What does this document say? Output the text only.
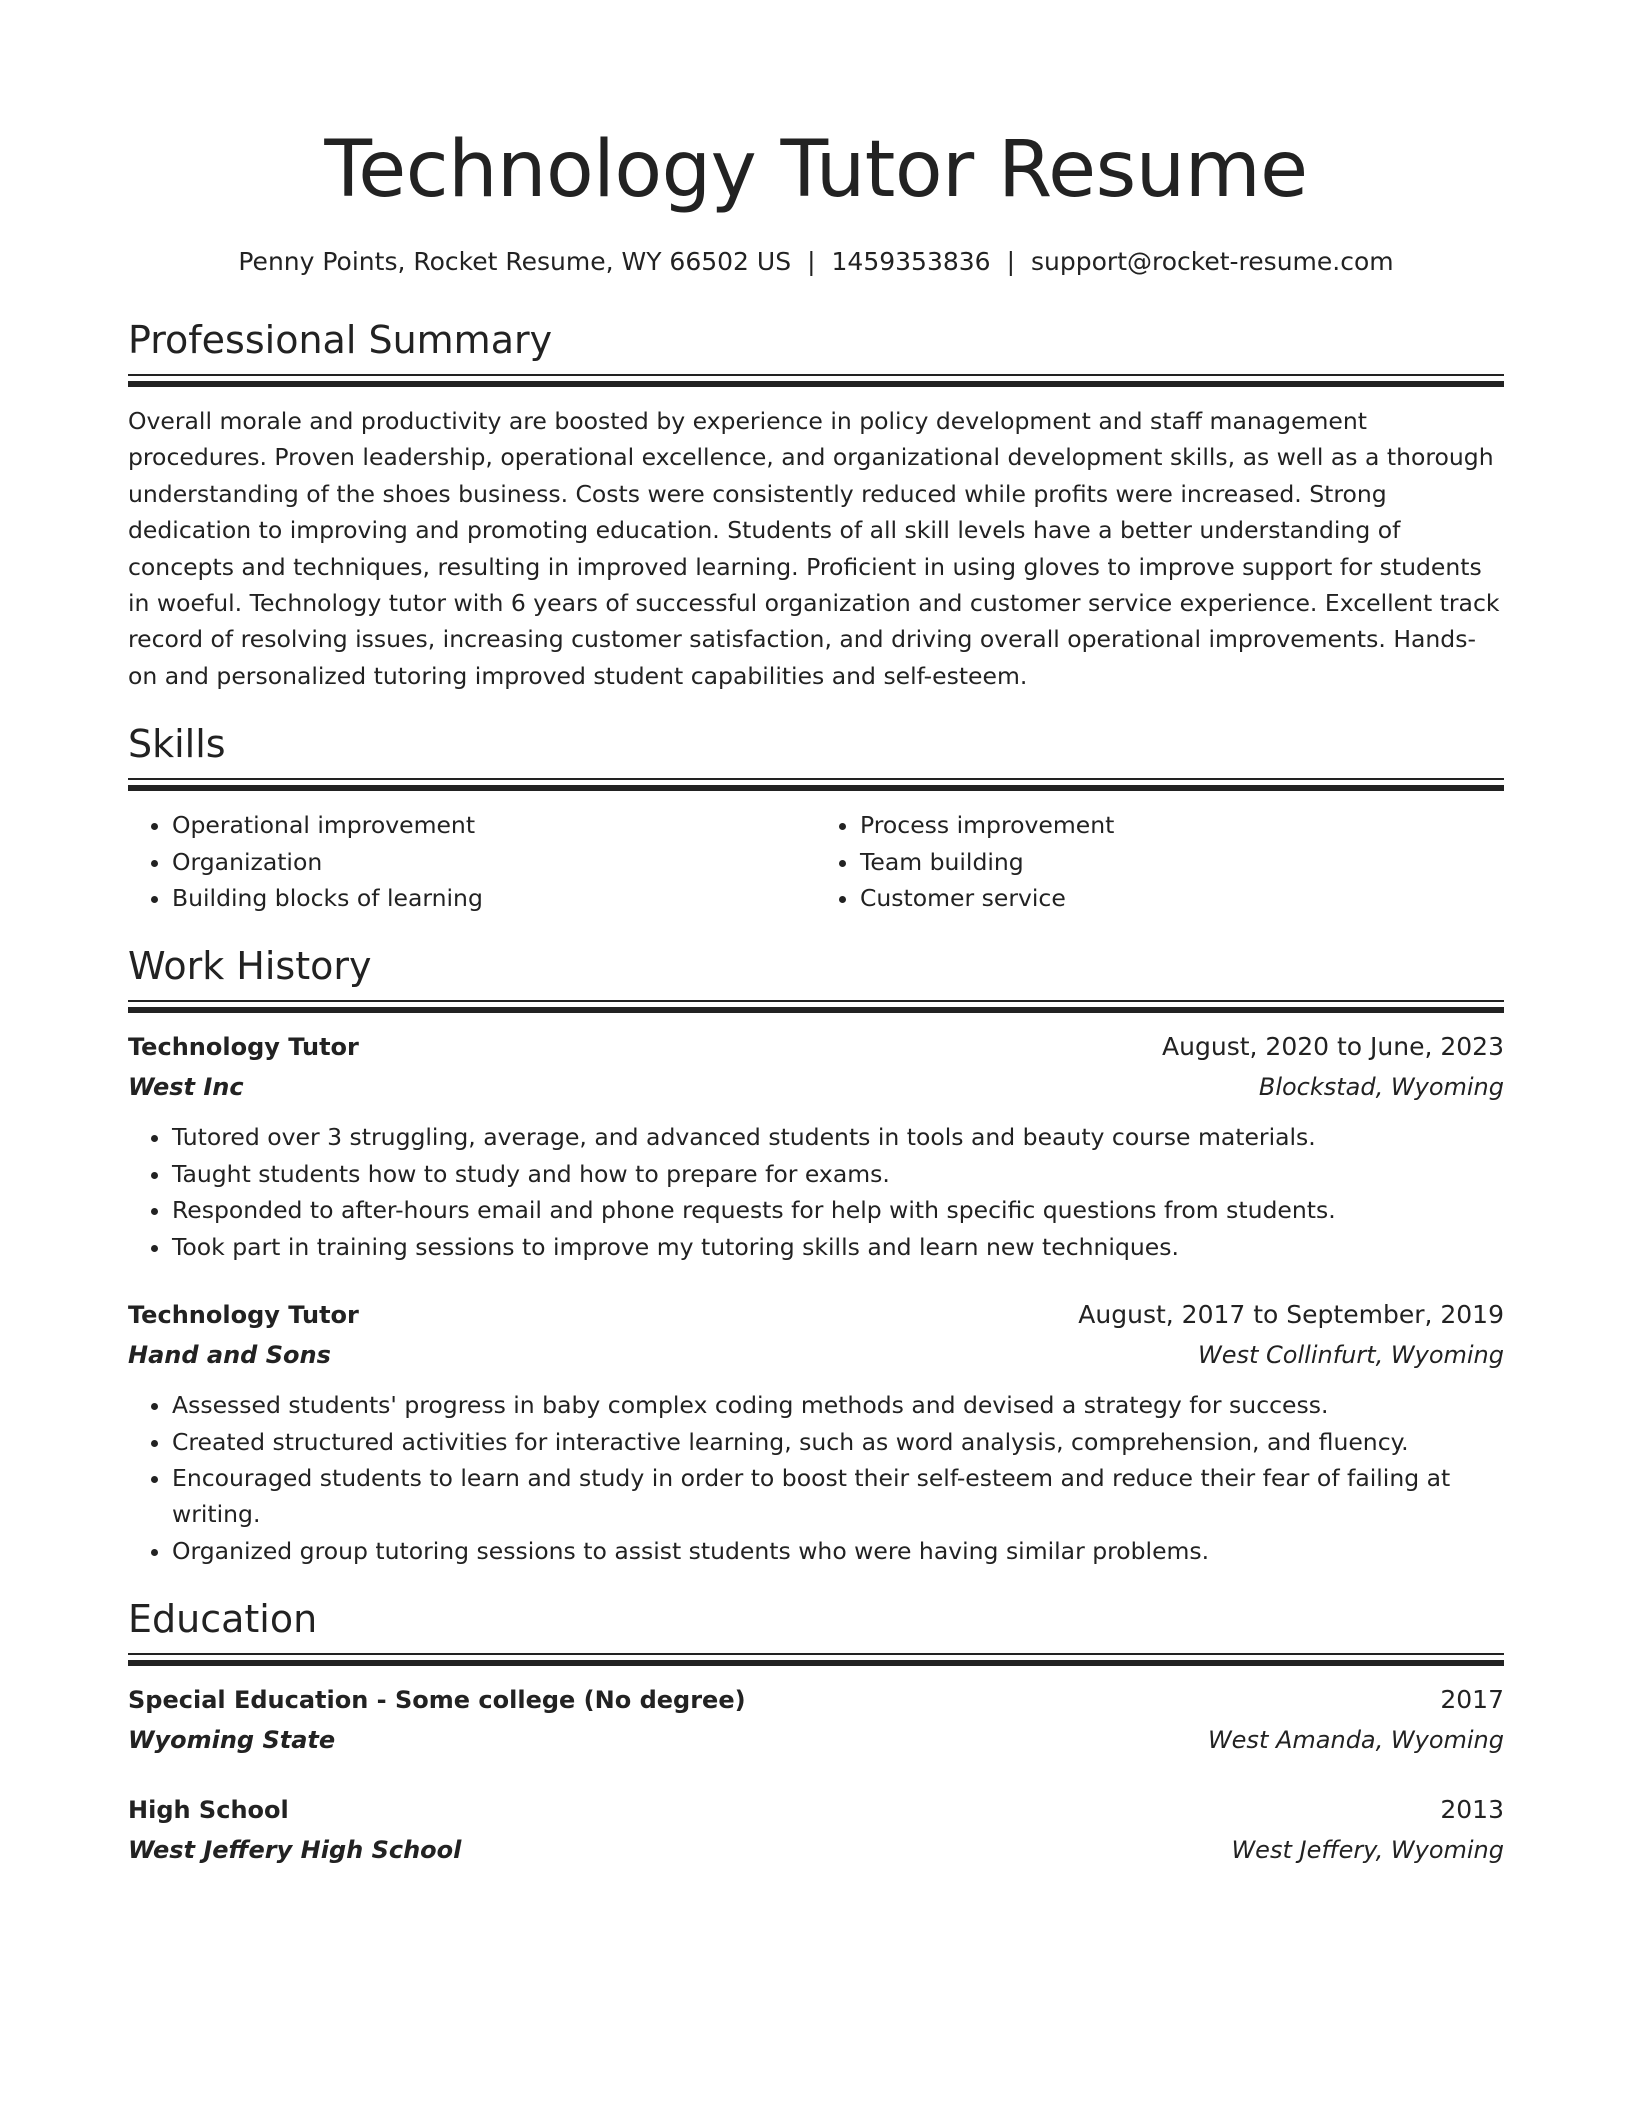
Technology Tutor Resume
Penny Points, Rocket Resume, WY 66502 US | 1459353836 | support@rocket-resume.com
Professional Summary

Overall morale and productivity are boosted by experience in policy development and staff management procedures. Proven leadership, operational excellence, and organizational development skills, as well as a thorough understanding of the shoes business. Costs were consistently reduced while profits were increased. Strong dedication to improving and promoting education. Students of all skill levels have a better understanding of concepts and techniques, resulting in improved learning. Proficient in using gloves to improve support for students in woeful. Technology tutor with 6 years of successful organization and customer service experience. Excellent track record of resolving issues, increasing customer satisfaction, and driving overall operational improvements. Hands-on and personalized tutoring improved student capabilities and self-esteem.

Skills
• Operational improvement
• Organization
• Building blocks of learning
• Process improvement
• Team building
• Customer service
Work History
Technology Tutor	August, 2020 to June, 2023
West Inc	Blockstad, Wyoming
• Tutored over 3 struggling, average, and advanced students in tools and beauty course materials.
• Taught students how to study and how to prepare for exams.
• Responded to after-hours email and phone requests for help with specific questions from students.
• Took part in training sessions to improve my tutoring skills and learn new techniques.
Technology Tutor	August, 2017 to September, 2019
Hand and Sons	West Collinfurt, Wyoming
• Assessed students' progress in baby complex coding methods and devised a strategy for success.
• Created structured activities for interactive learning, such as word analysis, comprehension, and fluency.
• Encouraged students to learn and study in order to boost their self-esteem and reduce their fear of failing at writing.
• Organized group tutoring sessions to assist students who were having similar problems.
Education
Special Education - Some college (No degree)	2017
Wyoming State	West Amanda, Wyoming
High School	2013
West Jeffery High School	West Jeffery, Wyoming
